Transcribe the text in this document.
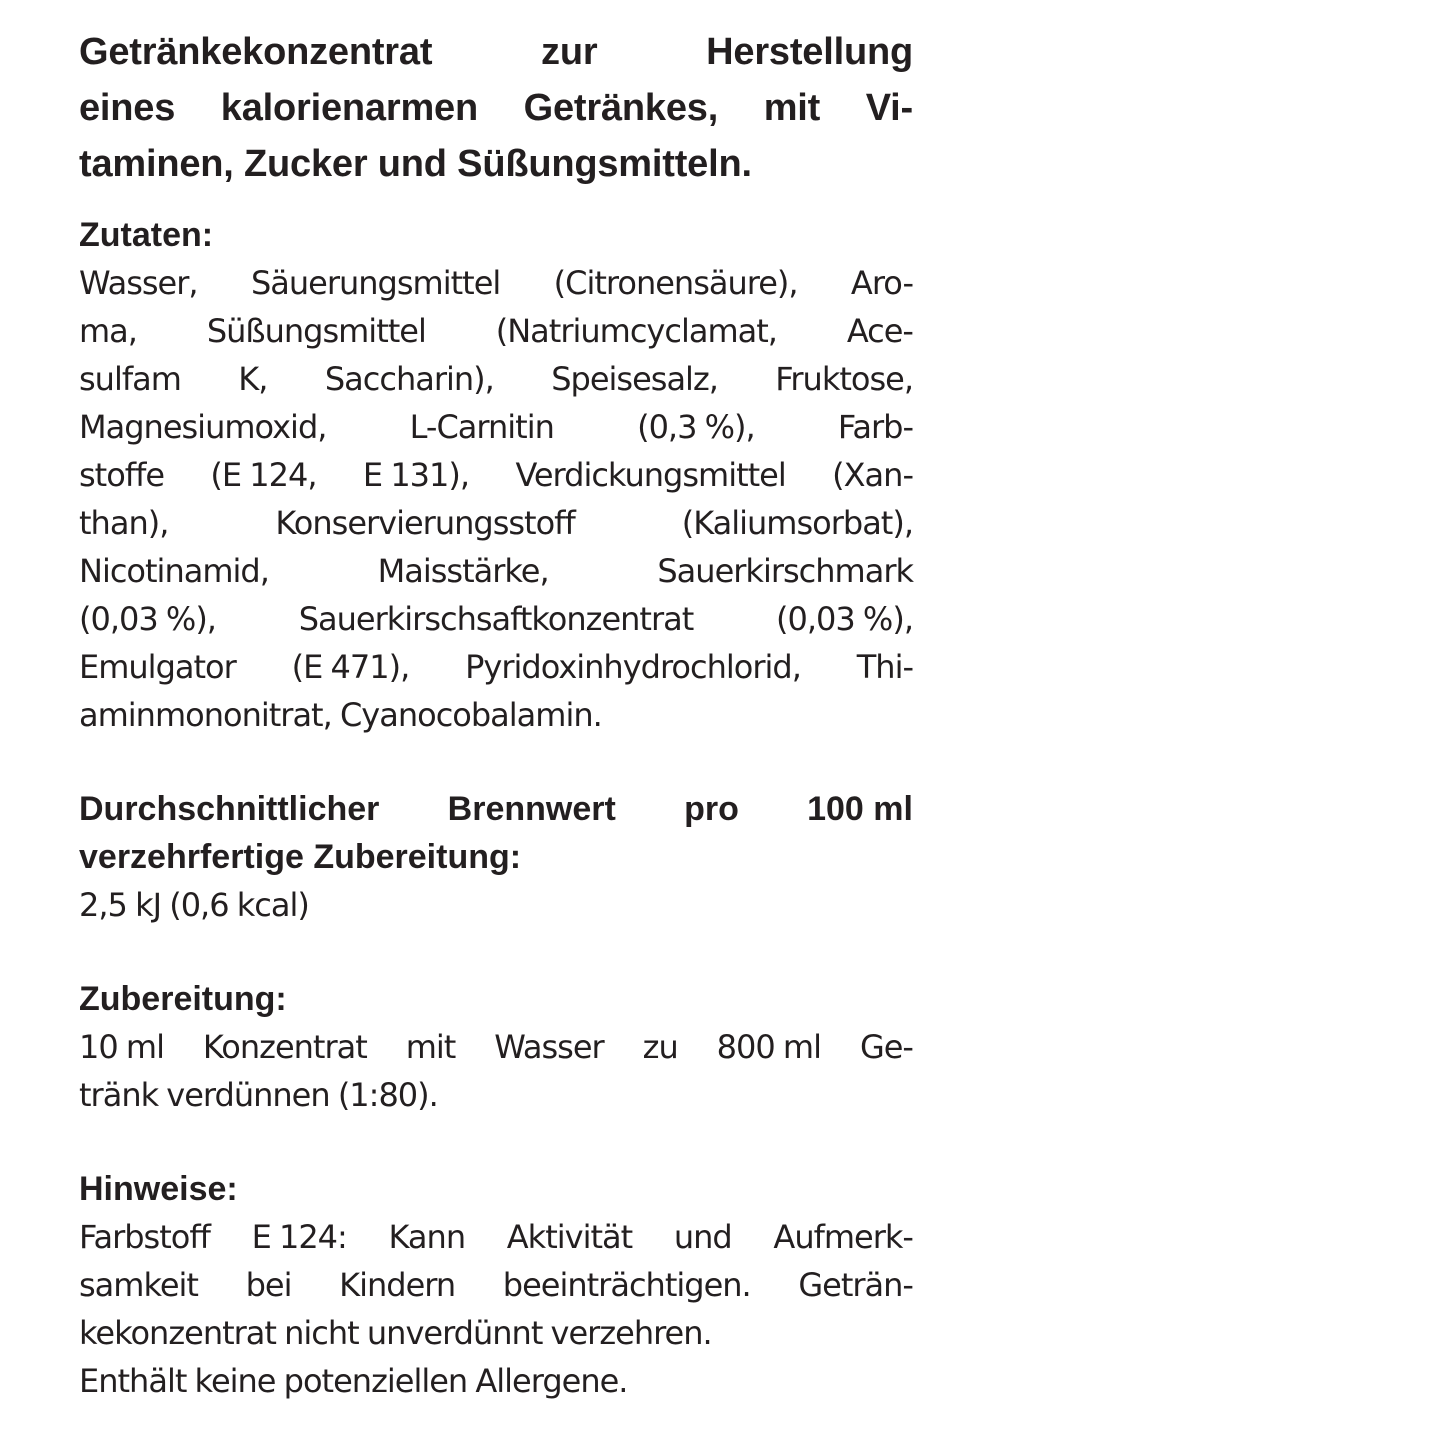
Getränkekonzentrat	zur	Herstellung
eines kalorienarmen Getränkes, mit Vi-
taminen, Zucker und Süßungsmitteln.
Zutaten:
Wasser, Säuerungsmittel (Citronensäure), Aro-
ma, Süßungsmittel (Natriumcyclamat, Ace-
sulfam K, Saccharin), Speisesalz, Fruktose,
Magnesiumoxid,	L-Carnitin	(0,3 %),	Farb-
stoffe (E 124, E 131), Verdickungsmittel (Xan-
than),	Konservierungsstoff	(Kaliumsorbat),
Nicotinamid,	Maisstärke,	Sauerkirschmark
(0,03 %),	Sauerkirschsaftkonzentrat	(0,03 %),
Emulgator (E 471), Pyridoxinhydrochlorid, Thi-
aminmononitrat, Cyanocobalamin.
Durchschnittlicher Brennwert pro 100 ml
verzehrfertige Zubereitung:
2,5 kJ (0,6 kcal)
Zubereitung:
10 ml Konzentrat mit Wasser zu 800 ml Ge-
tränk verdünnen (1:80).
Hinweise:
Farbstoff E 124: Kann Aktivität und Aufmerk-
samkeit bei Kindern beeinträchtigen. Geträn-
kekonzentrat nicht unverdünnt verzehren.
Enthält keine potenziellen Allergene.
